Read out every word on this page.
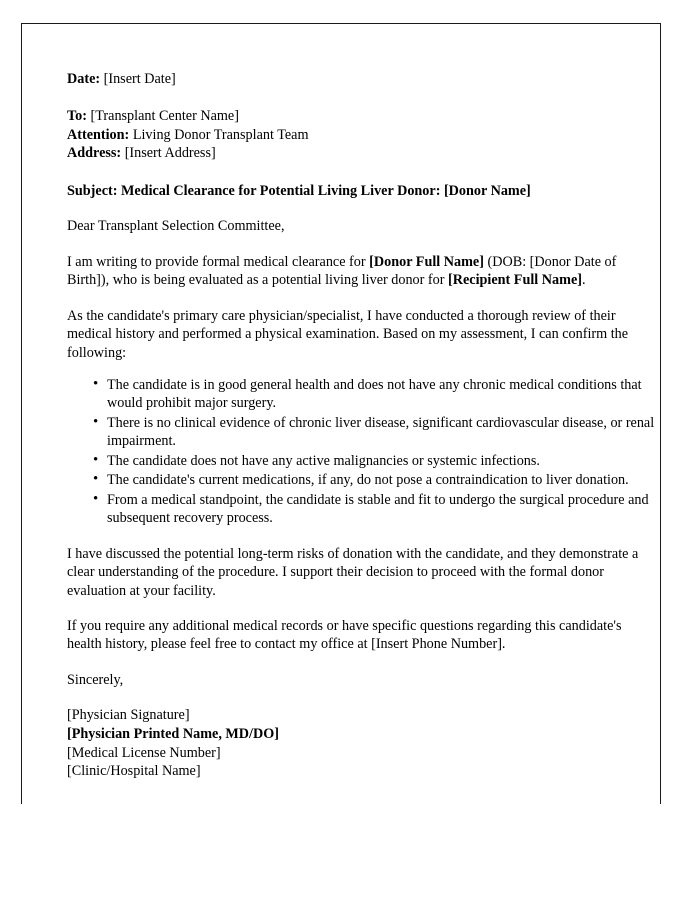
Date: [Insert Date]

To: [Transplant Center Name]

Attention: Living Donor Transplant Team

Address: [Insert Address]

Subject: Medical Clearance for Potential Living Liver Donor: [Donor Name]

Dear Transplant Selection Committee,

I am writing to provide formal medical clearance for [Donor Full Name] (DOB: [Donor Date of Birth]), who is being evaluated as a potential living liver donor for [Recipient Full Name].

As the candidate's primary care physician/specialist, I have conducted a thorough review of their medical history and performed a physical examination. Based on my assessment, I can confirm the following:

• The candidate is in good general health and does not have any chronic medical conditions that would prohibit major surgery.
• There is no clinical evidence of chronic liver disease, significant cardiovascular disease, or renal impairment.
• The candidate does not have any active malignancies or systemic infections.
• The candidate's current medications, if any, do not pose a contraindication to liver donation.
• From a medical standpoint, the candidate is stable and fit to undergo the surgical procedure and subsequent recovery process.

I have discussed the potential long-term risks of donation with the candidate, and they demonstrate a clear understanding of the procedure. I support their decision to proceed with the formal donor evaluation at your facility.

If you require any additional medical records or have specific questions regarding this candidate's health history, please feel free to contact my office at [Insert Phone Number].

Sincerely,

[Physician Signature]

[Physician Printed Name, MD/DO]

[Medical License Number]

[Clinic/Hospital Name]
